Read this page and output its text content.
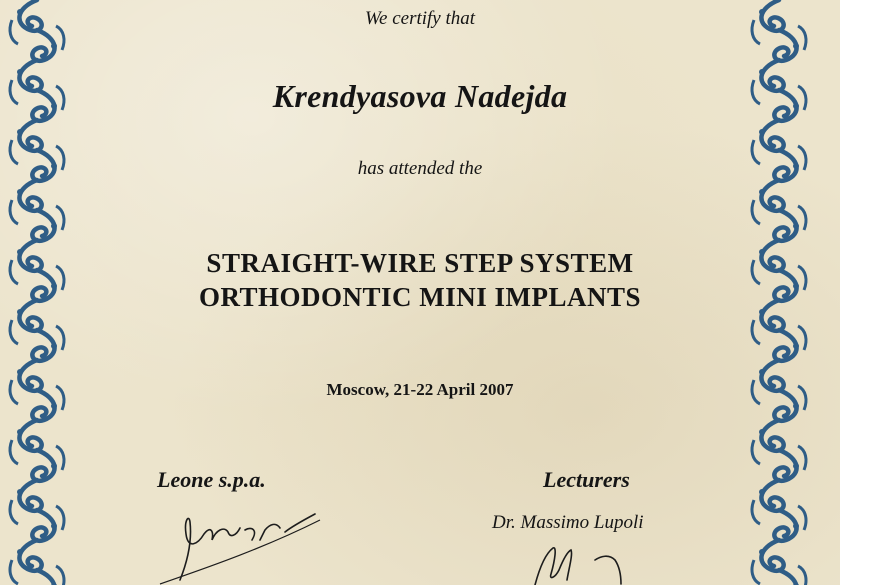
We certify that
Krendyasova Nadejda
has attended the
STRAIGHT-WIRE STEP SYSTEM
ORTHODONTIC MINI IMPLANTS
Moscow, 21-22 April 2007
Leone s.p.a.	Lecturers
Dr. Massimo Lupoli
